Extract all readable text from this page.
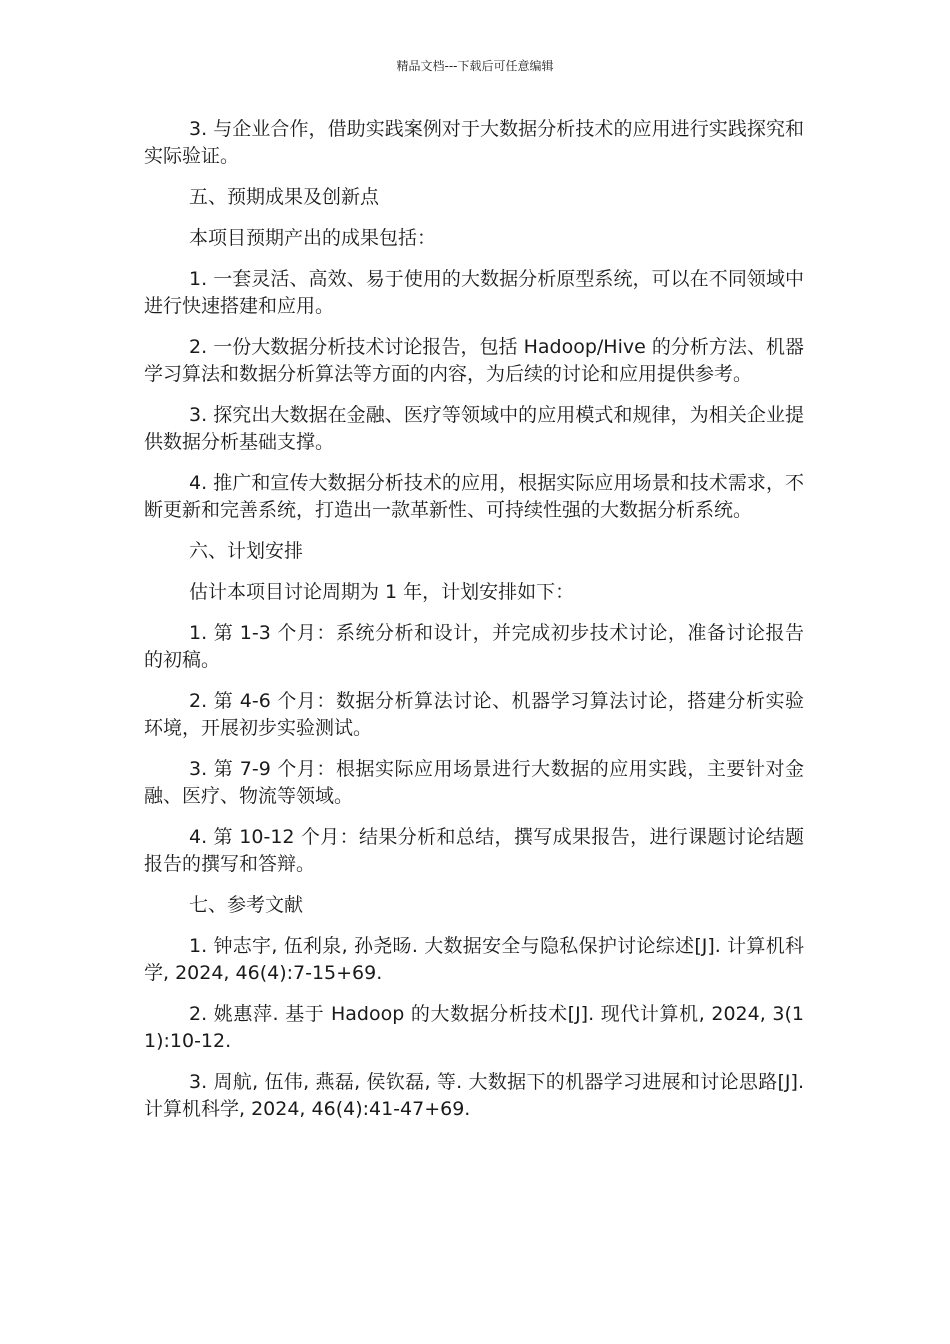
精品文档---下载后可任意编辑

3. 与企业合作，借助实践案例对于大数据分析技术的应用进行实践探究和实际验证。

五、预期成果及创新点

本项目预期产出的成果包括：

1. 一套灵活、高效、易于使用的大数据分析原型系统，可以在不同领域中进行快速搭建和应用。

2. 一份大数据分析技术讨论报告，包括 Hadoop/Hive 的分析方法、机器学习算法和数据分析算法等方面的内容，为后续的讨论和应用提供参考。

3. 探究出大数据在金融、医疗等领域中的应用模式和规律，为相关企业提供数据分析基础支撑。

4. 推广和宣传大数据分析技术的应用，根据实际应用场景和技术需求，不断更新和完善系统，打造出一款革新性、可持续性强的大数据分析系统。

六、计划安排

估计本项目讨论周期为 1 年，计划安排如下：

1. 第 1-3 个月：系统分析和设计，并完成初步技术讨论，准备讨论报告的初稿。

2. 第 4-6 个月：数据分析算法讨论、机器学习算法讨论，搭建分析实验环境，开展初步实验测试。

3. 第 7-9 个月：根据实际应用场景进行大数据的应用实践，主要针对金融、医疗、物流等领域。

4. 第 10-12 个月：结果分析和总结，撰写成果报告，进行课题讨论结题报告的撰写和答辩。

七、参考文献

1. 钟志宇, 伍利泉, 孙尧旸. 大数据安全与隐私保护讨论综述[J]. 计算机科学, 2024, 46(4):7-15+69.

2. 姚惠萍. 基于 Hadoop 的大数据分析技术[J]. 现代计算机, 2024, 3(11):10-12.

3. 周航, 伍伟, 燕磊, 侯钦磊, 等. 大数据下的机器学习进展和讨论思路[J]. 计算机科学, 2024, 46(4):41-47+69.
